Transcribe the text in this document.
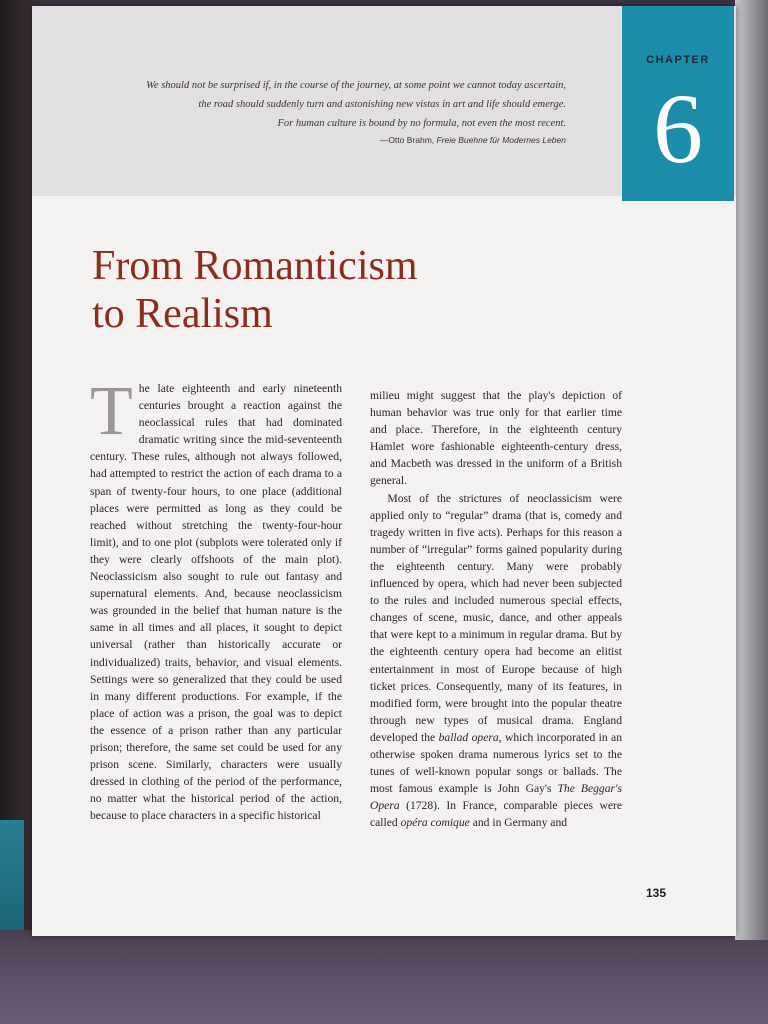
We should not be surprised if, in the course of the journey, at some point we cannot today ascertain,
the road should suddenly turn and astonishing new vistas in art and life should emerge.
For human culture is bound by no formula, not even the most recent.
—Otto Brahm, Freie Buehne für Modernes Leben
CHAPTER
6
From Romanticism
to Realism

The late eighteenth and early nineteenth centuries brought a reaction against the neoclassical rules that had dominated dramatic writing since the mid-seventeenth century. These rules, although not always followed, had attempted to restrict the action of each drama to a span of twenty-four hours, to one place (additional places were permitted as long as they could be reached without stretching the twenty-four-hour limit), and to one plot (subplots were tolerated only if they were clearly offshoots of the main plot). Neoclassicism also sought to rule out fantasy and supernatural elements. And, because neoclassicism was grounded in the belief that human nature is the same in all times and all places, it sought to depict universal (rather than historically accurate or individualized) traits, behavior, and visual elements. Settings were so generalized that they could be used in many different productions. For example, if the place of action was a prison, the goal was to depict the essence of a prison rather than any particular prison; therefore, the same set could be used for any prison scene. Similarly, characters were usually dressed in clothing of the period of the performance, no matter what the historical period of the action, because to place characters in a specific historical

milieu might suggest that the play's depiction of human behavior was true only for that earlier time and place. Therefore, in the eighteenth century Hamlet wore fashionable eighteenth-century dress, and Macbeth was dressed in the uniform of a British general.

Most of the strictures of neoclassicism were applied only to “regular” drama (that is, comedy and tragedy written in five acts). Perhaps for this reason a number of “irregular” forms gained popularity during the eighteenth century. Many were probably influenced by opera, which had never been subjected to the rules and included numerous special effects, changes of scene, music, dance, and other appeals that were kept to a minimum in regular drama. But by the eighteenth century opera had become an elitist entertainment in most of Europe because of high ticket prices. Consequently, many of its features, in modified form, were brought into the popular theatre through new types of musical drama. England developed the ballad opera, which incorporated in an otherwise spoken drama numerous lyrics set to the tunes of well-known popular songs or ballads. The most famous example is John Gay's The Beggar's Opera (1728). In France, comparable pieces were called opéra comique and in Germany and

135
